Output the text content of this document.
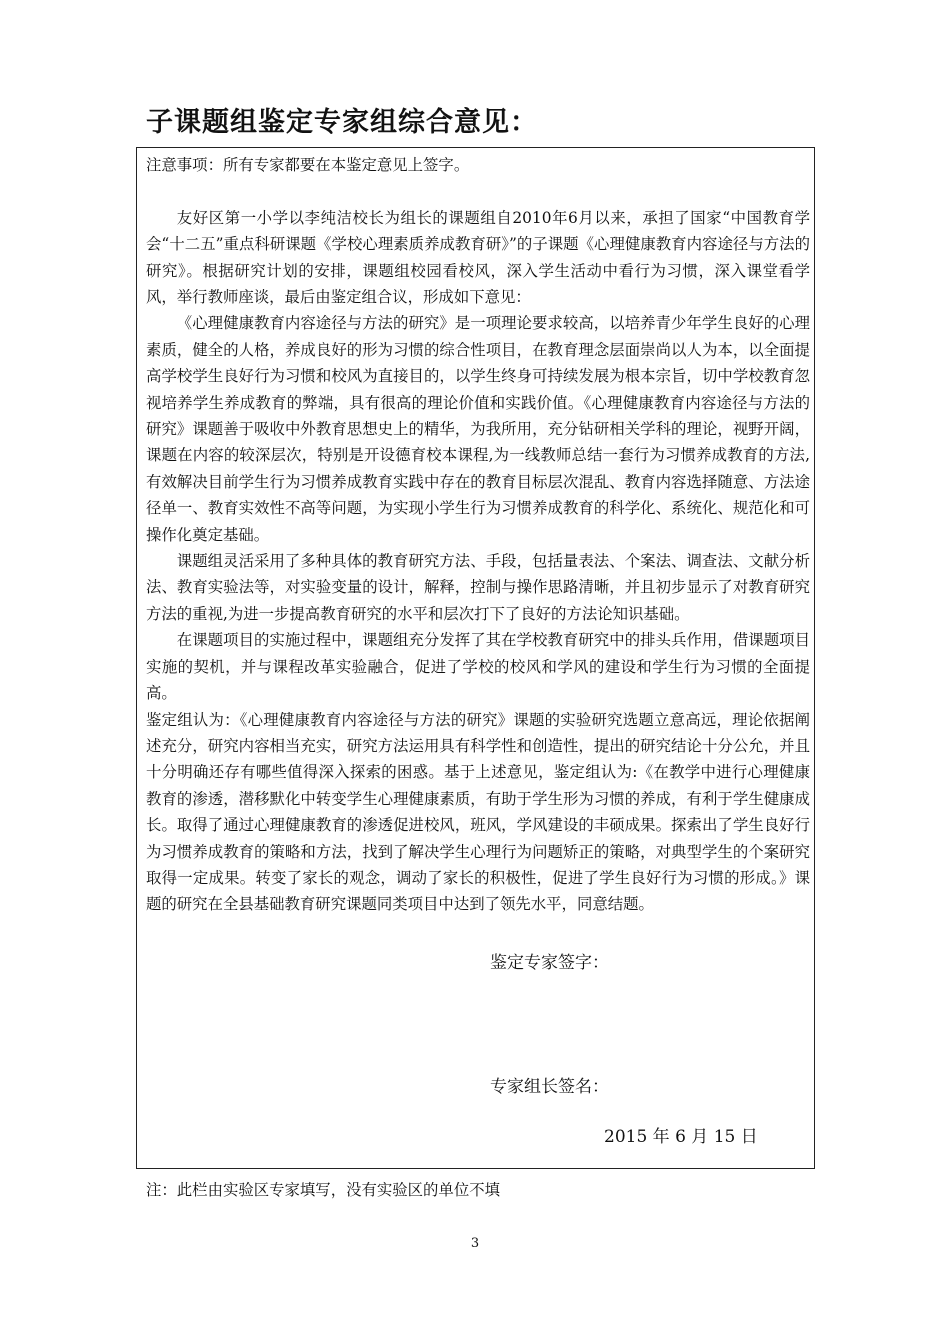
子课题组鉴定专家组综合意见：

注意事项：所有专家都要在本鉴定意见上签字。

友好区第一小学以李纯洁校长为组长的课题组自2010年6月以来，承担了国家“中国教育学会“十二五”重点科研课题《学校心理素质养成教育研》”的子课题《心理健康教育内容途径与方法的研究》。根据研究计划的安排，课题组校园看校风，深入学生活动中看行为习惯，深入课堂看学风，举行教师座谈，最后由鉴定组合议，形成如下意见：

《心理健康教育内容途径与方法的研究》是一项理论要求较高，以培养青少年学生良好的心理素质，健全的人格，养成良好的形为习惯的综合性项目，在教育理念层面崇尚以人为本，以全面提高学校学生良好行为习惯和校风为直接目的，以学生终身可持续发展为根本宗旨，切中学校教育忽视培养学生养成教育的弊端，具有很高的理论价值和实践价值。《心理健康教育内容途径与方法的研究》课题善于吸收中外教育思想史上的精华，为我所用，充分钻研相关学科的理论，视野开阔，课题在内容的较深层次，特别是开设德育校本课程,为一线教师总结一套行为习惯养成教育的方法,有效解决目前学生行为习惯养成教育实践中存在的教育目标层次混乱、教育内容选择随意、方法途径单一、教育实效性不高等问题，为实现小学生行为习惯养成教育的科学化、系统化、规范化和可操作化奠定基础。

课题组灵活采用了多种具体的教育研究方法、手段，包括量表法、个案法、调查法、文献分析法、教育实验法等，对实验变量的设计，解释，控制与操作思路清晰，并且初步显示了对教育研究方法的重视,为进一步提高教育研究的水平和层次打下了良好的方法论知识基础。

在课题项目的实施过程中，课题组充分发挥了其在学校教育研究中的排头兵作用，借课题项目实施的契机，并与课程改革实验融合，促进了学校的校风和学风的建设和学生行为习惯的全面提高。

鉴定组认为：《心理健康教育内容途径与方法的研究》课题的实验研究选题立意高远，理论依据阐述充分，研究内容相当充实，研究方法运用具有科学性和创造性，提出的研究结论十分公允，并且十分明确还存有哪些值得深入探索的困惑。基于上述意见，鉴定组认为:《在教学中进行心理健康教育的渗透，潜移默化中转变学生心理健康素质，有助于学生形为习惯的养成，有利于学生健康成长。取得了通过心理健康教育的渗透促进校风，班风，学风建设的丰硕成果。探索出了学生良好行为习惯养成教育的策略和方法，找到了解决学生心理行为问题矫正的策略，对典型学生的个案研究取得一定成果。转变了家长的观念，调动了家长的积极性，促进了学生良好行为习惯的形成。》课题的研究在全县基础教育研究课题同类项目中达到了领先水平，同意结题。

鉴定专家签字：
专家组长签名：
2015 年 6 月 15 日
注：此栏由实验区专家填写，没有实验区的单位不填
3
